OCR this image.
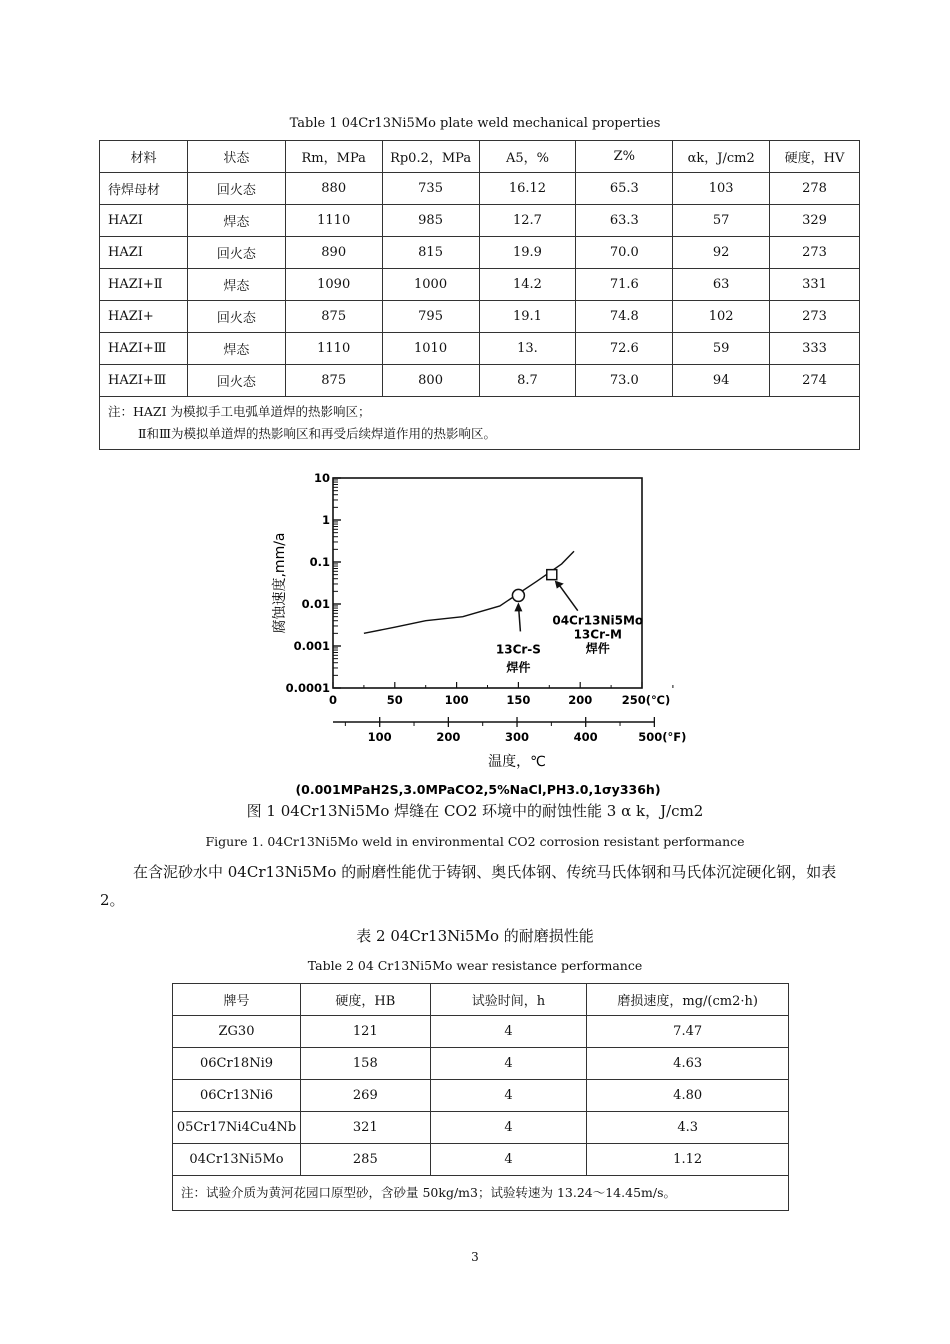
Table 1 04Cr13Ni5Mo plate weld mechanical properties
材料	状态	Rm，MPa	Rp0.2，MPa	A5，%	Z%	αk，J/cm2	硬度，HV
待焊母材	回火态	880	735	16.12	65.3	103	278
HAZI	焊态	1110	985	12.7	63.3	57	329
HAZI	回火态	890	815	19.9	70.0	92	273
HAZI+Ⅱ	焊态	1090	1000	14.2	71.6	63	331
HAZI+	回火态	875	795	19.1	74.8	102	273
HAZI+Ⅲ	焊态	1110	1010	13.	72.6	59	333
HAZI+Ⅲ	回火态	875	800	8.7	73.0	94	274

注：HAZI 为模拟手工电弧单道焊的热影响区；
Ⅱ和Ⅲ为模拟单道焊的热影响区和再受后续焊道作用的热影响区。							
10
1
0.1
0.01
0.001
0.0001
0	50	100	150	200	250(℃)
100	200	300	400	500(°F)
温度，℃
腐蚀速度,mm/a
13Cr-S
焊件
04Cr13Ni5Mo
13Cr-M
焊件
(0.001MPaH2S,3.0MPaCO2,5%NaCl,PH3.0,1σy336h)
图 1 04Cr13Ni5Mo 焊缝在 CO2 环境中的耐蚀性能 3 α k，J/cm2
Figure 1. 04Cr13Ni5Mo weld in environmental CO2 corrosion resistant performance
在含泥砂水中 04Cr13Ni5Mo 的耐磨性能优于铸钢、奥氏体钢、传统马氏体钢和马氏体沉淀硬化钢，如表 2。
表 2 04Cr13Ni5Mo 的耐磨损性能
Table 2 04 Cr13Ni5Mo wear resistance performance
牌号	硬度，HB	试验时间，h	磨损速度，mg/(cm2·h)
ZG30	121	4	7.47
06Cr18Ni9	158	4	4.63
06Cr13Ni6	269	4	4.80
05Cr17Ni4Cu4Nb	321	4	4.3
04Cr13Ni5Mo	285	4	1.12
注：试验介质为黄河花园口原型砂，含砂量 50kg/m3；试验转速为 13.24～14.45m/s。			
3
